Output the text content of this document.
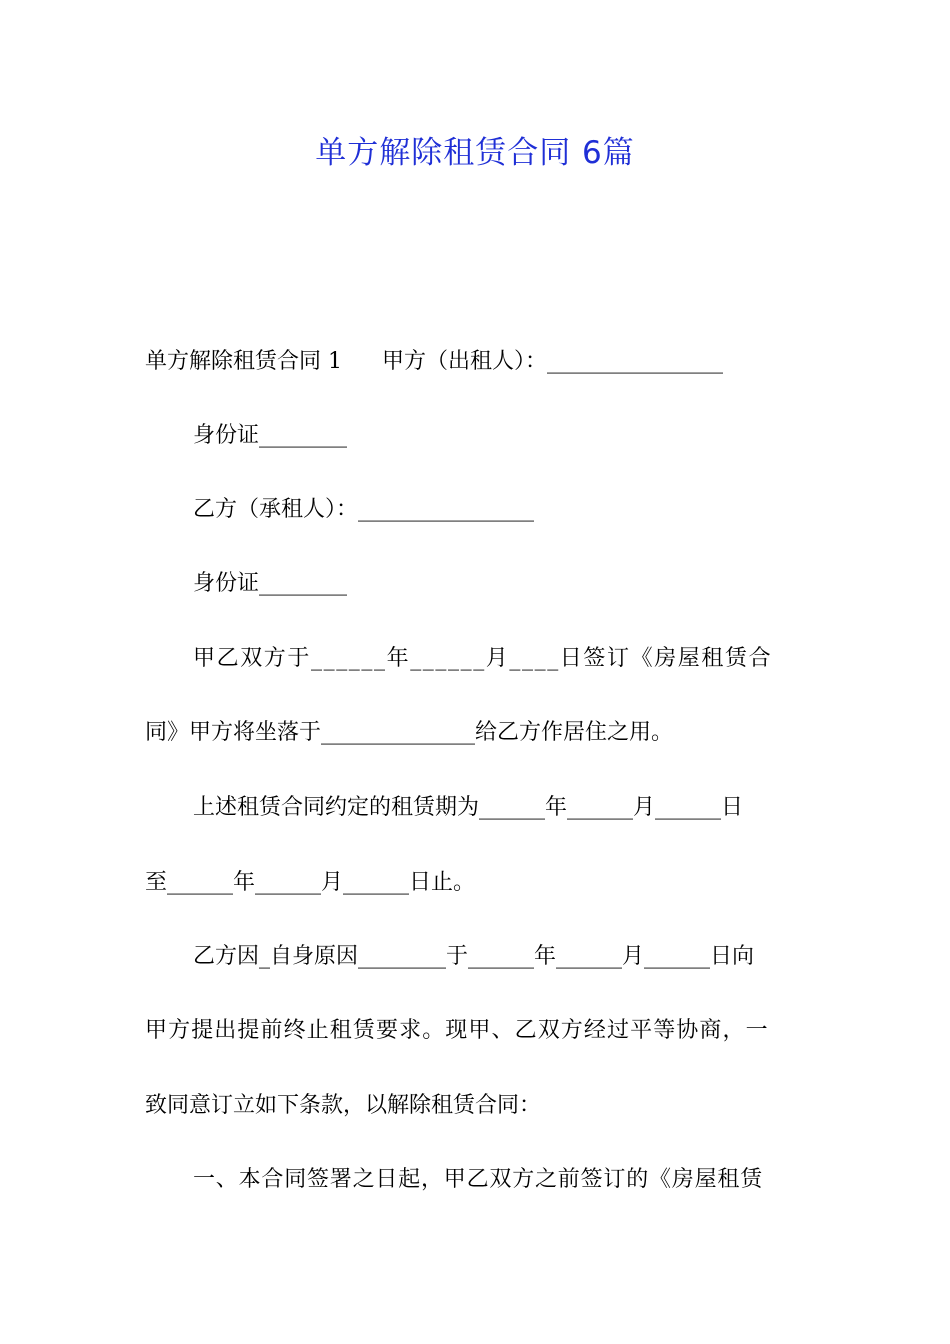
单方解除租赁合同 6篇
单方解除租赁合同 1 甲方（出租人）：________________
身份证________
乙方（承租人）：________________
身份证________
甲乙双方于______年______月____日签订《房屋租赁合
同》甲方将坐落于______________给乙方作居住之用。
上述租赁合同约定的租赁期为______年______月______日
至______年______月______日止。
乙方因_自身原因________于______年______月______日向
甲方提出提前终止租赁要求。现甲、乙双方经过平等协商，一
致同意订立如下条款，以解除租赁合同：
一、本合同签署之日起，甲乙双方之前签订的《房屋租赁
